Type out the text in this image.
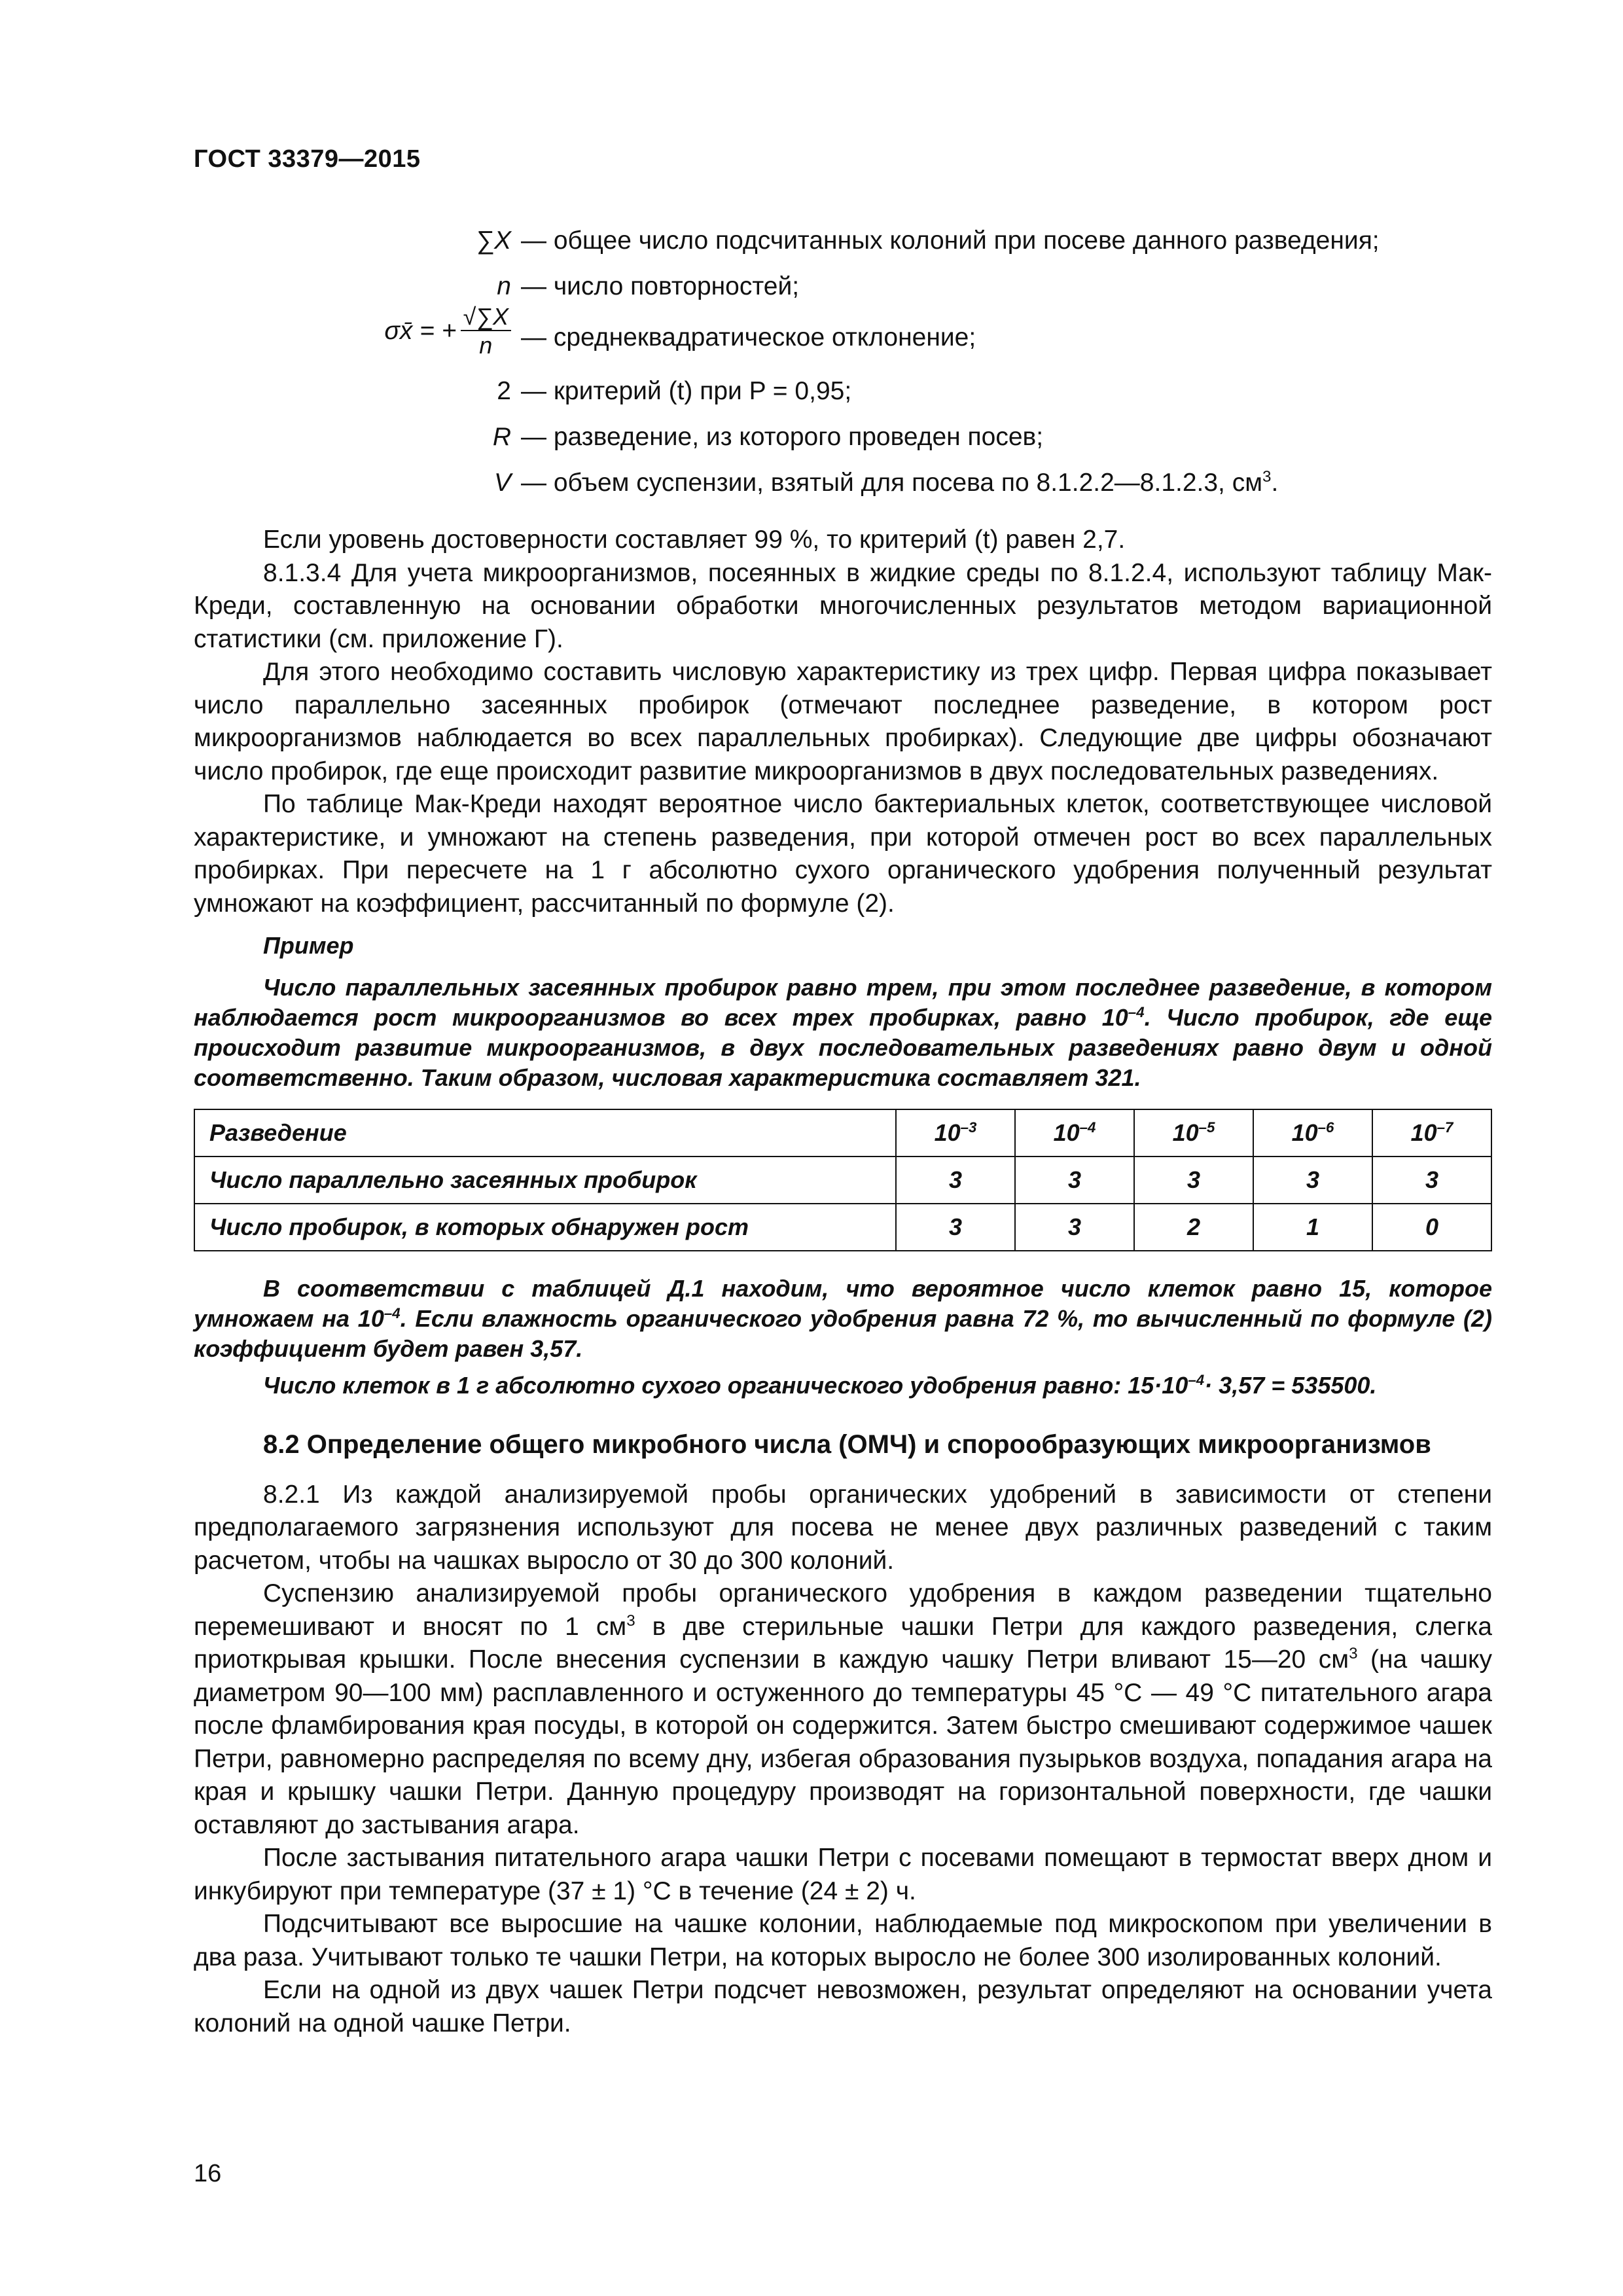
ГОСТ 33379—2015
∑X — общее число подсчитанных колоний при посеве данного разведения;
n — число повторностей;
σx̄ = + $\frac{√\sum X}{n}$ — среднеквадратическое отклонение;
2 — критерий (t) при P = 0,95;
R — разведение, из которого проведен посев;
V — объем суспензии, взятый для посева по 8.1.2.2—8.1.2.3, $см^3$.

Если уровень достоверности составляет 99 %, то критерий (t) равен 2,7.

8.1.3.4 Для учета микроорганизмов, посеянных в жидкие среды по 8.1.2.4, используют таблицу Мак-Креди, составленную на основании обработки многочисленных результатов методом вариационной статистики (см. приложение Г).

Для этого необходимо составить числовую характеристику из трех цифр. Первая цифра показывает число параллельно засеянных пробирок (отмечают последнее разведение, в котором рост микроорганизмов наблюдается во всех параллельных пробирках). Следующие две цифры обозначают число пробирок, где еще происходит развитие микроорганизмов в двух последовательных разведениях.

По таблице Мак-Креди находят вероятное число бактериальных клеток, соответствующее числовой характеристике, и умножают на степень разведения, при которой отмечен рост во всех параллельных пробирках. При пересчете на 1 г абсолютно сухого органического удобрения полученный результат умножают на коэффициент, рассчитанный по формуле (2).

Пример

Число параллельных засеянных пробирок равно трем, при этом последнее разведение, в котором наблюдается рост микроорганизмов во всех трех пробирках, равно $10^{-4}$. Число пробирок, где еще происходит развитие микроорганизмов, в двух последовательных разведениях равно двум и одной соответственно. Таким образом, числовая характеристика составляет 321.

Разведение	$10^{-3}$	$10^{-4}$	$10^{-5}$	$10^{-6}$	$10^{-7}$
Число параллельно засеянных пробирок	3	3	3	3	3
Число пробирок, в которых обнаружен рост	3	3	2	1	0

В соответствии с таблицей Д.1 находим, что вероятное число клеток равно 15, которое умножаем на $10^{-4}$. Если влажность органического удобрения равна 72 %, то вычисленный по формуле (2) коэффициент будет равен 3,57.

Число клеток в 1 г абсолютно сухого органического удобрения равно: $15\cdot 10^{-4}\cdot 3,57 = 535500$.

8.2 Определение общего микробного числа (ОМЧ) и спорообразующих микроорганизмов

8.2.1 Из каждой анализируемой пробы органических удобрений в зависимости от степени предполагаемого загрязнения используют для посева не менее двух различных разведений с таким расчетом, чтобы на чашках выросло от 30 до 300 колоний.

Суспензию анализируемой пробы органического удобрения в каждом разведении тщательно перемешивают и вносят по 1 $см^3$ в две стерильные чашки Петри для каждого разведения, слегка приоткрывая крышки. После внесения суспензии в каждую чашку Петри вливают 15—20 $см^3$ (на чашку диаметром 90—100 мм) расплавленного и остуженного до температуры 45 °С — 49 °С питательного агара после фламбирования края посуды, в которой он содержится. Затем быстро смешивают содержимое чашек Петри, равномерно распределяя по всему дну, избегая образования пузырьков воздуха, попадания агара на края и крышку чашки Петри. Данную процедуру производят на горизонтальной поверхности, где чашки оставляют до застывания агара.

После застывания питательного агара чашки Петри с посевами помещают в термостат вверх дном и инкубируют при температуре (37 ± 1) °С в течение (24 ± 2) ч.

Подсчитывают все выросшие на чашке колонии, наблюдаемые под микроскопом при увеличении в два раза. Учитывают только те чашки Петри, на которых выросло не более 300 изолированных колоний.

Если на одной из двух чашек Петри подсчет невозможен, результат определяют на основании учета колоний на одной чашке Петри.

16
